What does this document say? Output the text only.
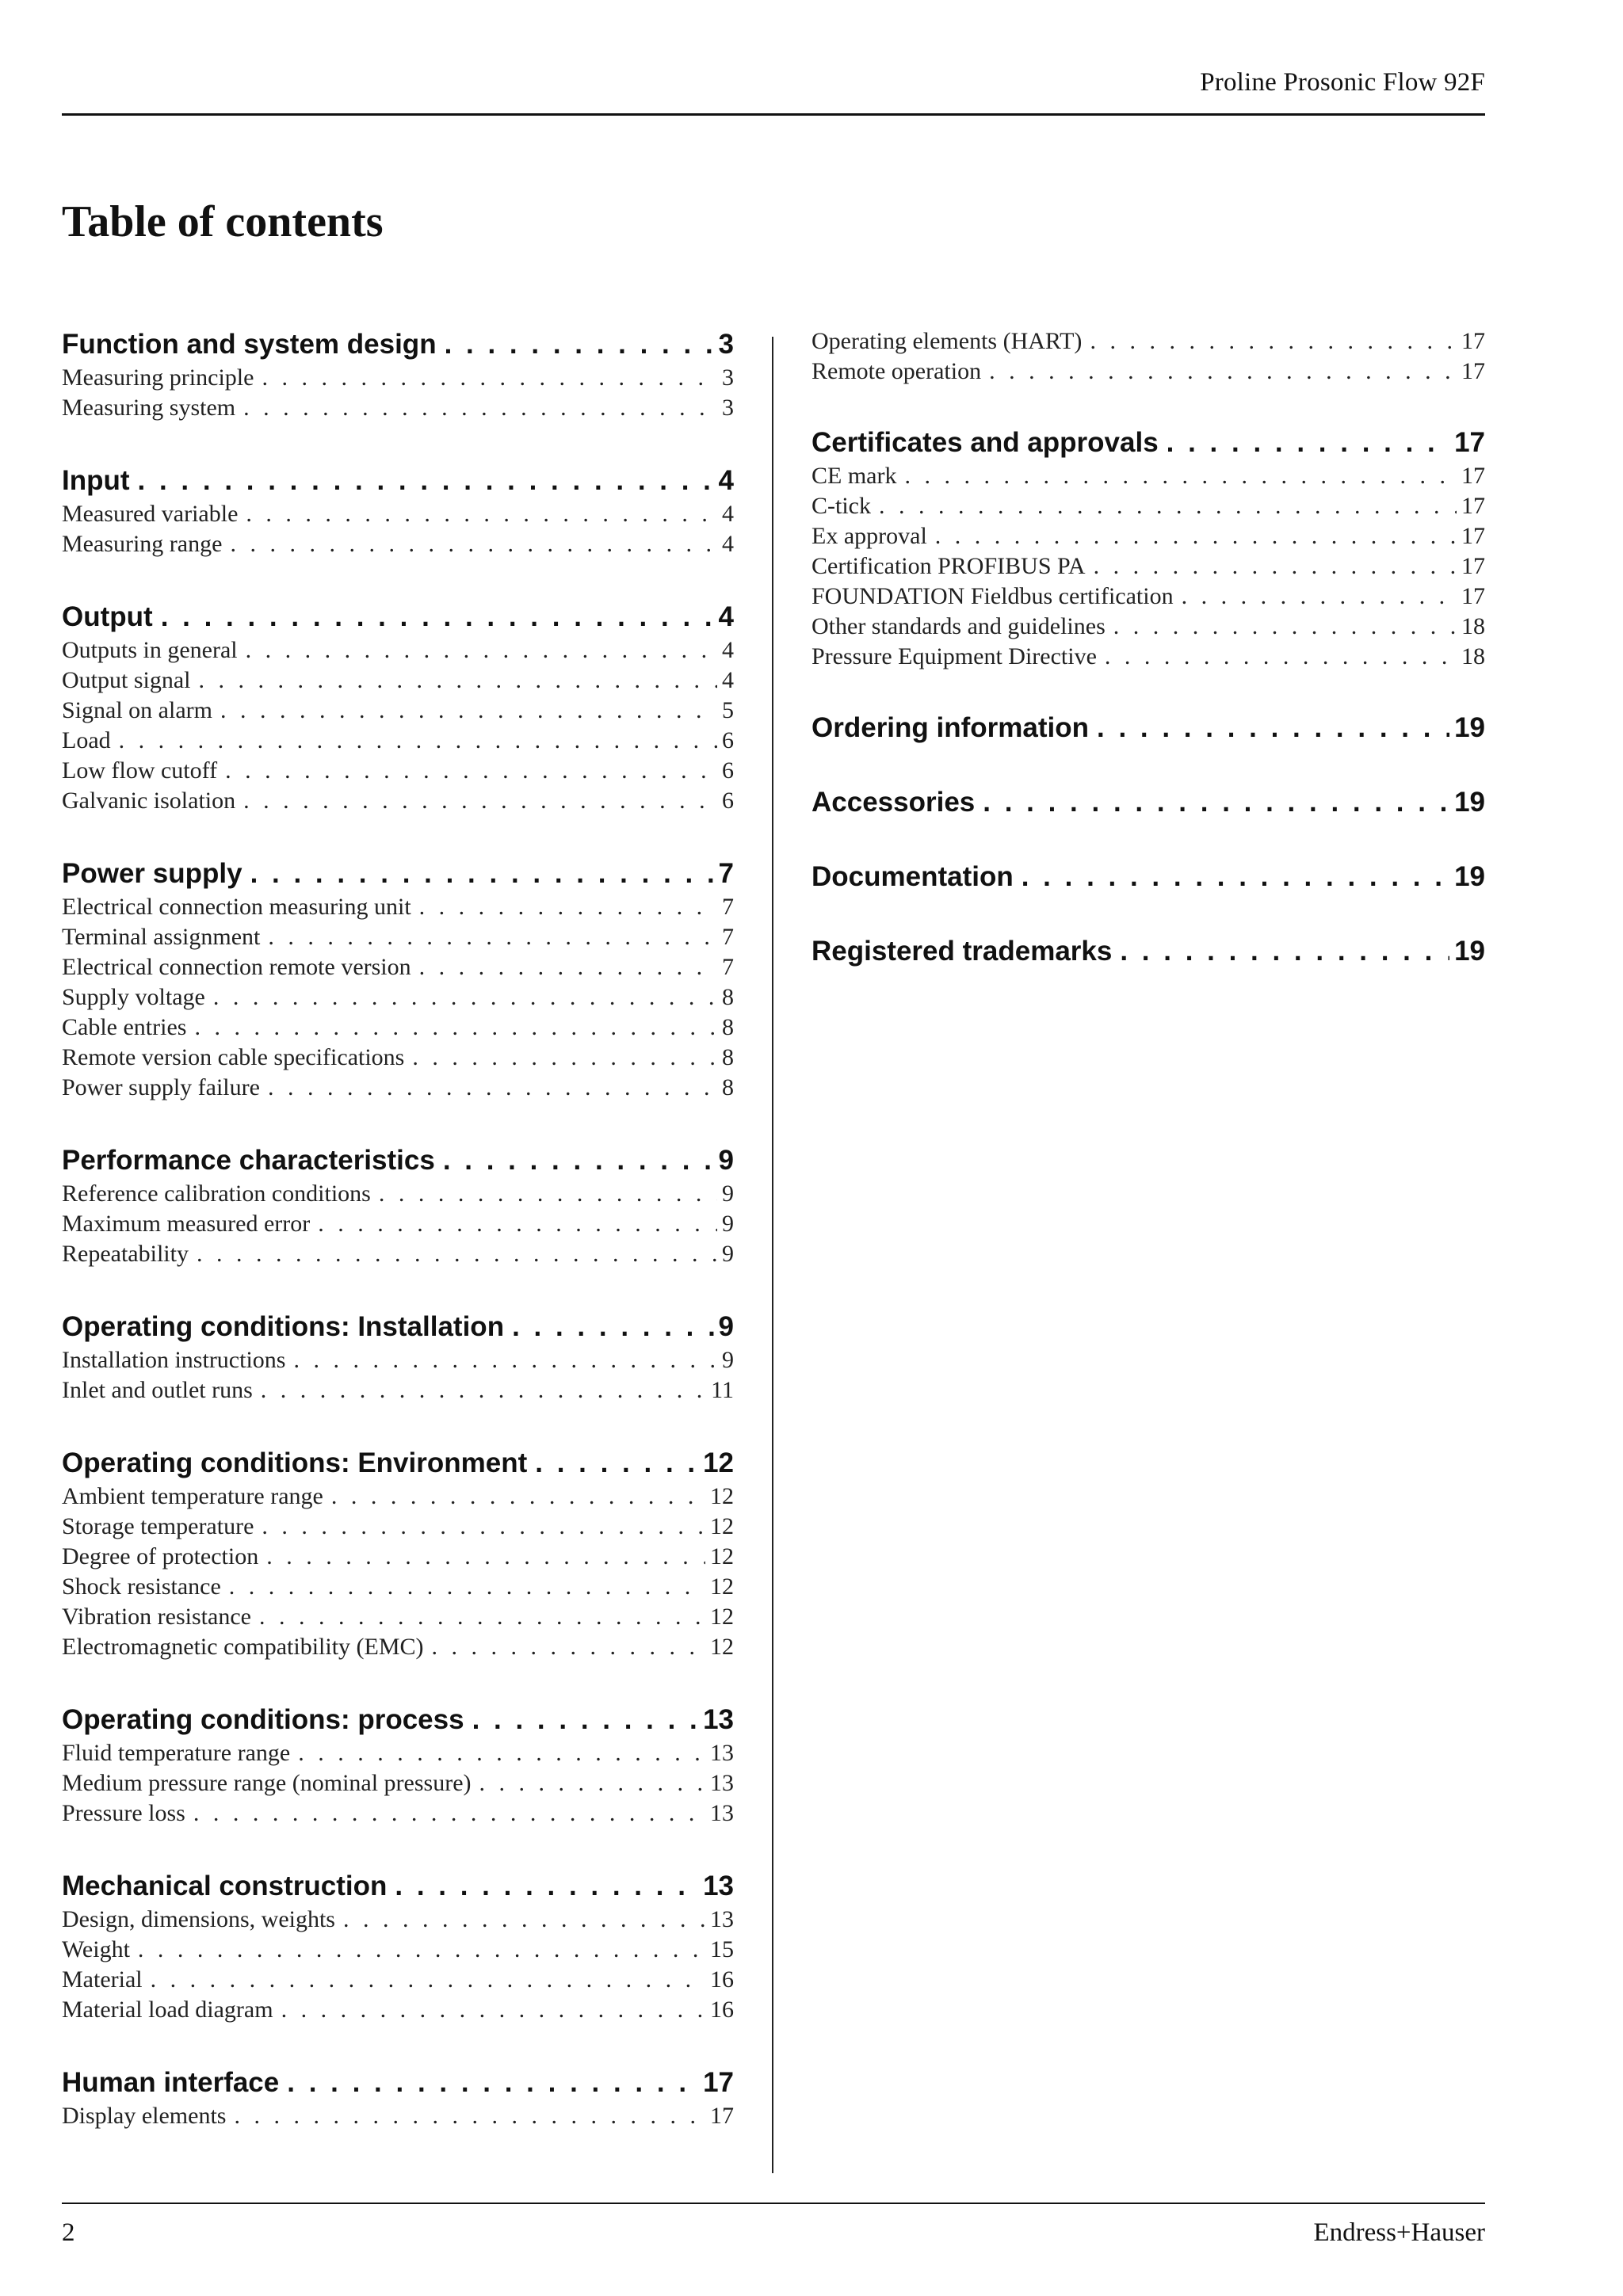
Proline Prosonic Flow 92F
Table of contents
Function and system design . . .	3
Measuring principle . . .	3
Measuring system . . .	3
Input . . .	4
Measured variable . . .	4
Measuring range . . .	4
Output . . .	4
Outputs in general . . .	4
Output signal . . .	4
Signal on alarm . . .	5
Load . . .	6
Low flow cutoff . . .	6
Galvanic isolation . . .	6
Power supply . . .	7
Electrical connection measuring unit . . .	7
Terminal assignment . . .	7
Electrical connection remote version . . .	7
Supply voltage . . .	8
Cable entries . . .	8
Remote version cable specifications . . .	8
Power supply failure . . .	8
Performance characteristics . . .	9
Reference calibration conditions . . .	9
Maximum measured error . . .	9
Repeatability . . .	9
Operating conditions: Installation . . .	9
Installation instructions . . .	9
Inlet and outlet runs . . .	11
Operating conditions: Environment . . .	12
Ambient temperature range . . .	12
Storage temperature . . .	12
Degree of protection . . .	12
Shock resistance . . .	12
Vibration resistance . . .	12
Electromagnetic compatibility (EMC) . . .	12
Operating conditions: process . . .	13
Fluid temperature range . . .	13
Medium pressure range (nominal pressure) . . .	13
Pressure loss . . .	13
Mechanical construction . . .	13
Design, dimensions, weights . . .	13
Weight . . .	15
Material . . .	16
Material load diagram . . .	16
Human interface . . .	17
Display elements . . .	17
Operating elements (HART) . . .	17
Remote operation . . .	17
Certificates and approvals . . .	17
CE mark . . .	17
C-tick . . .	17
Ex approval . . .	17
Certification PROFIBUS PA . . .	17
FOUNDATION Fieldbus certification . . .	17
Other standards and guidelines . . .	18
Pressure Equipment Directive . . .	18
Ordering information . . .	19
Accessories . . .	19
Documentation . . .	19
Registered trademarks . . .	19
2	Endress+Hauser
